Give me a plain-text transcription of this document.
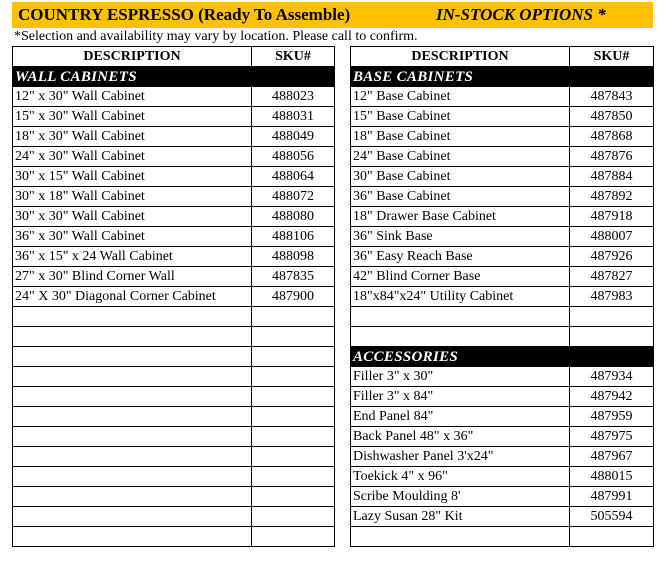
COUNTRY ESPRESSO (Ready To Assemble)	IN-STOCK OPTIONS *
*Selection and availability may vary by location. Please call to confirm.
DESCRIPTION	SKU#
WALL CABINETS	
12" x 30" Wall Cabinet	488023
15" x 30" Wall Cabinet	488031
18" x 30" Wall Cabinet	488049
24" x 30" Wall Cabinet	488056
30" x 15" Wall Cabinet	488064
30" x 18" Wall Cabinet	488072
30" x 30" Wall Cabinet	488080
36" x 30" Wall Cabinet	488106
36" x 15" x 24 Wall Cabinet	488098
27" x 30" Blind Corner Wall	487835
24" X 30" Diagonal Corner Cabinet	487900

DESCRIPTION	SKU#
BASE CABINETS	
12" Base Cabinet	487843
15" Base Cabinet	487850
18" Base Cabinet	487868
24" Base Cabinet	487876
30" Base Cabinet	487884
36" Base Cabinet	487892
18" Drawer Base Cabinet	487918
36" Sink Base	488007
36" Easy Reach Base	487926
42" Blind Corner Base	487827
18"x84"x24" Utility Cabinet	487983

ACCESSORIES	
Filler 3" x 30"	487934
Filler 3" x 84"	487942
End Panel 84"	487959
Back Panel 48" x 36"	487975
Dishwasher Panel 3'x24"	487967
Toekick 4" x 96"	488015
Scribe Moulding 8'	487991
Lazy Susan 28" Kit	505594
